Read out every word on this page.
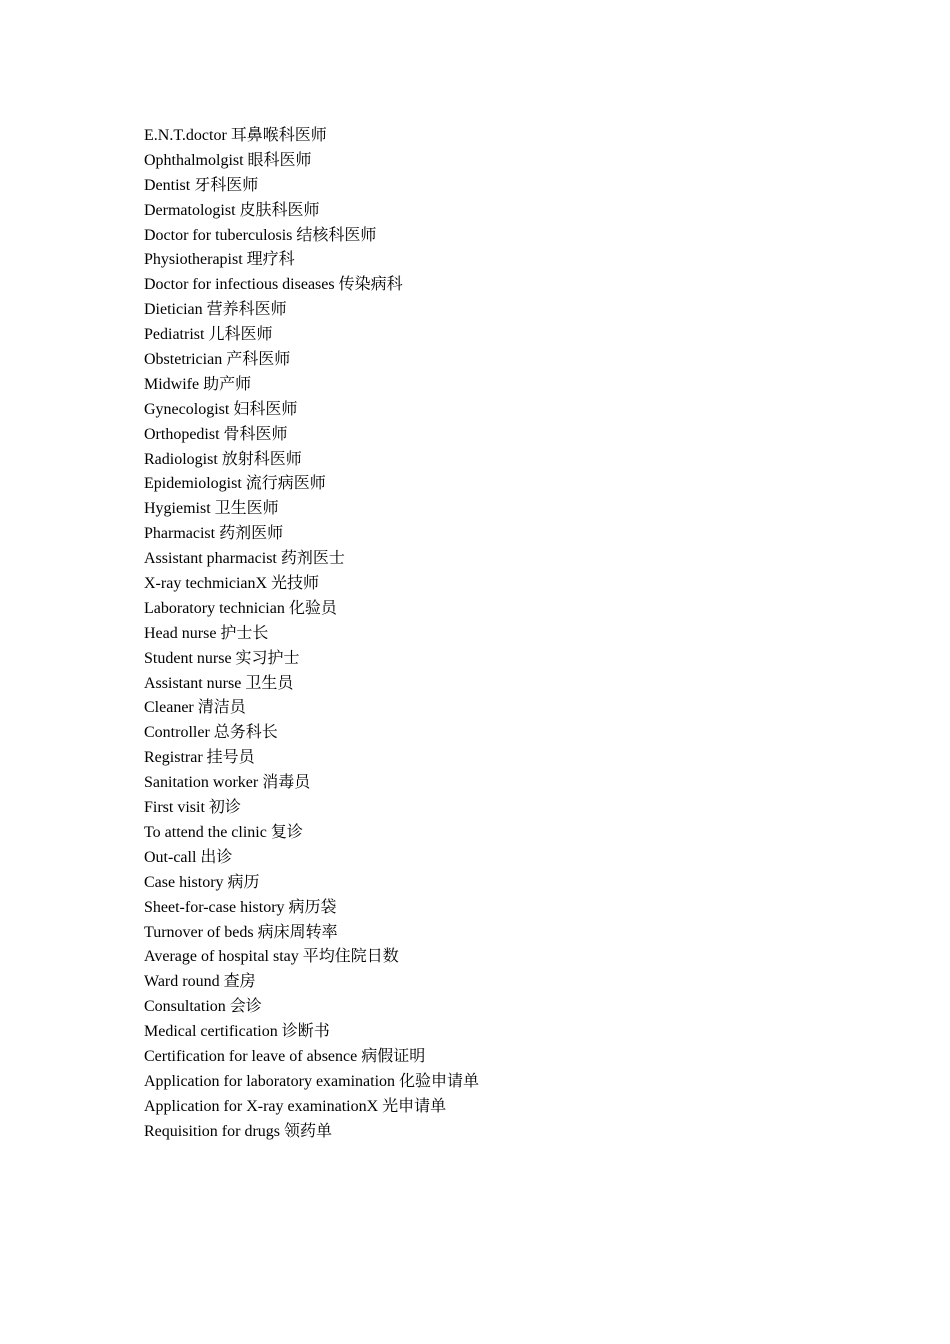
E.N.T.doctor 耳鼻喉科医师
Ophthalmolgist 眼科医师
Dentist 牙科医师
Dermatologist 皮肤科医师
Doctor for tuberculosis 结核科医师
Physiotherapist 理疗科
Doctor for infectious diseases 传染病科
Dietician 营养科医师
Pediatrist 儿科医师
Obstetrician 产科医师
Midwife 助产师
Gynecologist 妇科医师
Orthopedist 骨科医师
Radiologist 放射科医师
Epidemiologist 流行病医师
Hygiemist 卫生医师
Pharmacist 药剂医师
Assistant pharmacist 药剂医士
X-ray techmicianX 光技师
Laboratory technician 化验员
Head nurse 护士长
Student nurse 实习护士
Assistant nurse 卫生员
Cleaner 清洁员
Controller 总务科长
Registrar 挂号员
Sanitation worker 消毒员
First visit 初诊
To attend the clinic 复诊
Out-call 出诊
Case history 病历
Sheet-for-case history 病历袋
Turnover of beds 病床周转率
Average of hospital stay 平均住院日数
Ward round 查房
Consultation 会诊
Medical certification 诊断书
Certification for leave of absence 病假证明
Application for laboratory examination 化验申请单
Application for X-ray examinationX 光申请单
Requisition for drugs 领药单
